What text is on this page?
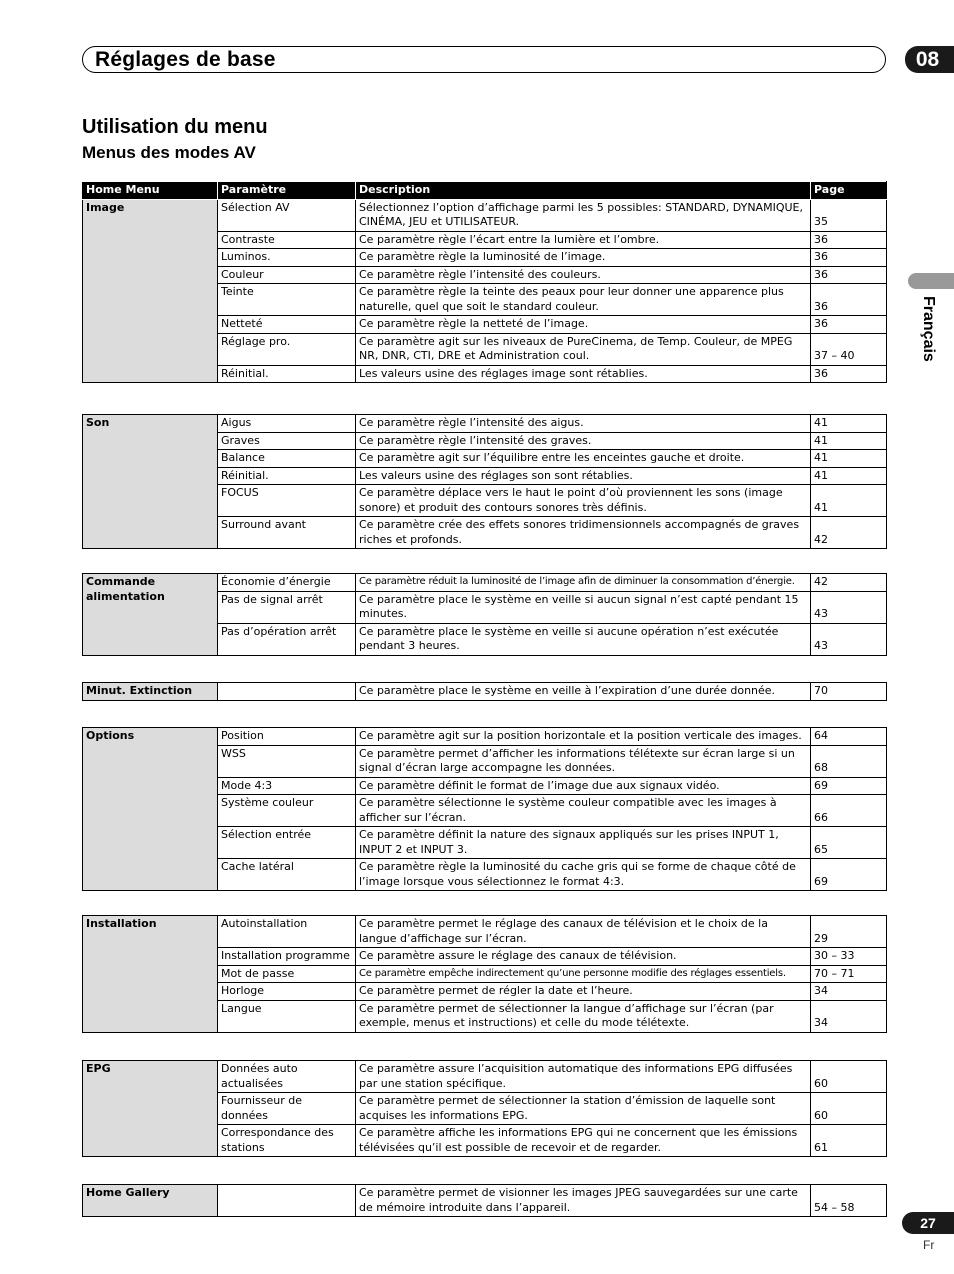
Réglages de base	08
Français
Utilisation du menu
Menus des modes AV
Home Menu	Paramètre	Description	Page
Image	Sélection AV	Sélectionnez l’option d’affichage parmi les 5 possibles: STANDARD, DYNAMIQUE, CINÉMA, JEU et UTILISATEUR.	35
	Contraste	Ce paramètre règle l’écart entre la lumière et l’ombre.	36
	Luminos.	Ce paramètre règle la luminosité de l’image.	36
	Couleur	Ce paramètre règle l’intensité des couleurs.	36
	Teinte	Ce paramètre règle la teinte des peaux pour leur donner une apparence plus naturelle, quel que soit le standard couleur.	36
	Netteté	Ce paramètre règle la netteté de l’image.	36
	Réglage pro.	Ce paramètre agit sur les niveaux de PureCinema, de Temp. Couleur, de MPEG NR, DNR, CTI, DRE et Administration coul.	37 – 40
	Réinitial.	Les valeurs usine des réglages image sont rétablies.	36
Son	Aigus	Ce paramètre règle l’intensité des aigus.	41
	Graves	Ce paramètre règle l’intensité des graves.	41
	Balance	Ce paramètre agit sur l’équilibre entre les enceintes gauche et droite.	41
	Réinitial.	Les valeurs usine des réglages son sont rétablies.	41
	FOCUS	Ce paramètre déplace vers le haut le point d’où proviennent les sons (image sonore) et produit des contours sonores très définis.	41
	Surround avant	Ce paramètre crée des effets sonores tridimensionnels accompagnés de graves riches et profonds.	42
Commande alimentation	Économie d’énergie	Ce paramètre réduit la luminosité de l’image afin de diminuer la consommation d’énergie.	42
	Pas de signal arrêt	Ce paramètre place le système en veille si aucun signal n’est capté pendant 15 minutes.	43
	Pas d’opération arrêt	Ce paramètre place le système en veille si aucune opération n’est exécutée pendant 3 heures.	43
Minut. Extinction		Ce paramètre place le système en veille à l’expiration d’une durée donnée.	70
Options	Position	Ce paramètre agit sur la position horizontale et la position verticale des images.	64
	WSS	Ce paramètre permet d’afficher les informations télétexte sur écran large si un signal d’écran large accompagne les données.	68
	Mode 4:3	Ce paramètre définit le format de l’image due aux signaux vidéo.	69
	Système couleur	Ce paramètre sélectionne le système couleur compatible avec les images à afficher sur l’écran.	66
	Sélection entrée	Ce paramètre définit la nature des signaux appliqués sur les prises INPUT 1, INPUT 2 et INPUT 3.	65
	Cache latéral	Ce paramètre règle la luminosité du cache gris qui se forme de chaque côté de l’image lorsque vous sélectionnez le format 4:3.	69
Installation	Autoinstallation	Ce paramètre permet le réglage des canaux de télévision et le choix de la langue d’affichage sur l’écran.	29
	Installation programme	Ce paramètre assure le réglage des canaux de télévision.	30 – 33
	Mot de passe	Ce paramètre empêche indirectement qu’une personne modifie des réglages essentiels.	70 – 71
	Horloge	Ce paramètre permet de régler la date et l’heure.	34
	Langue	Ce paramètre permet de sélectionner la langue d’affichage sur l’écran (par exemple, menus et instructions) et celle du mode télétexte.	34
EPG	Données auto actualisées	Ce paramètre assure l’acquisition automatique des informations EPG diffusées par une station spécifique.	60
	Fournisseur de données	Ce paramètre permet de sélectionner la station d’émission de laquelle sont acquises les informations EPG.	60
	Correspondance des stations	Ce paramètre affiche les informations EPG qui ne concernent que les émissions télévisées qu’il est possible de recevoir et de regarder.	61
Home Gallery		Ce paramètre permet de visionner les images JPEG sauvegardées sur une carte de mémoire introduite dans l’appareil.	54 – 58
27
Fr
